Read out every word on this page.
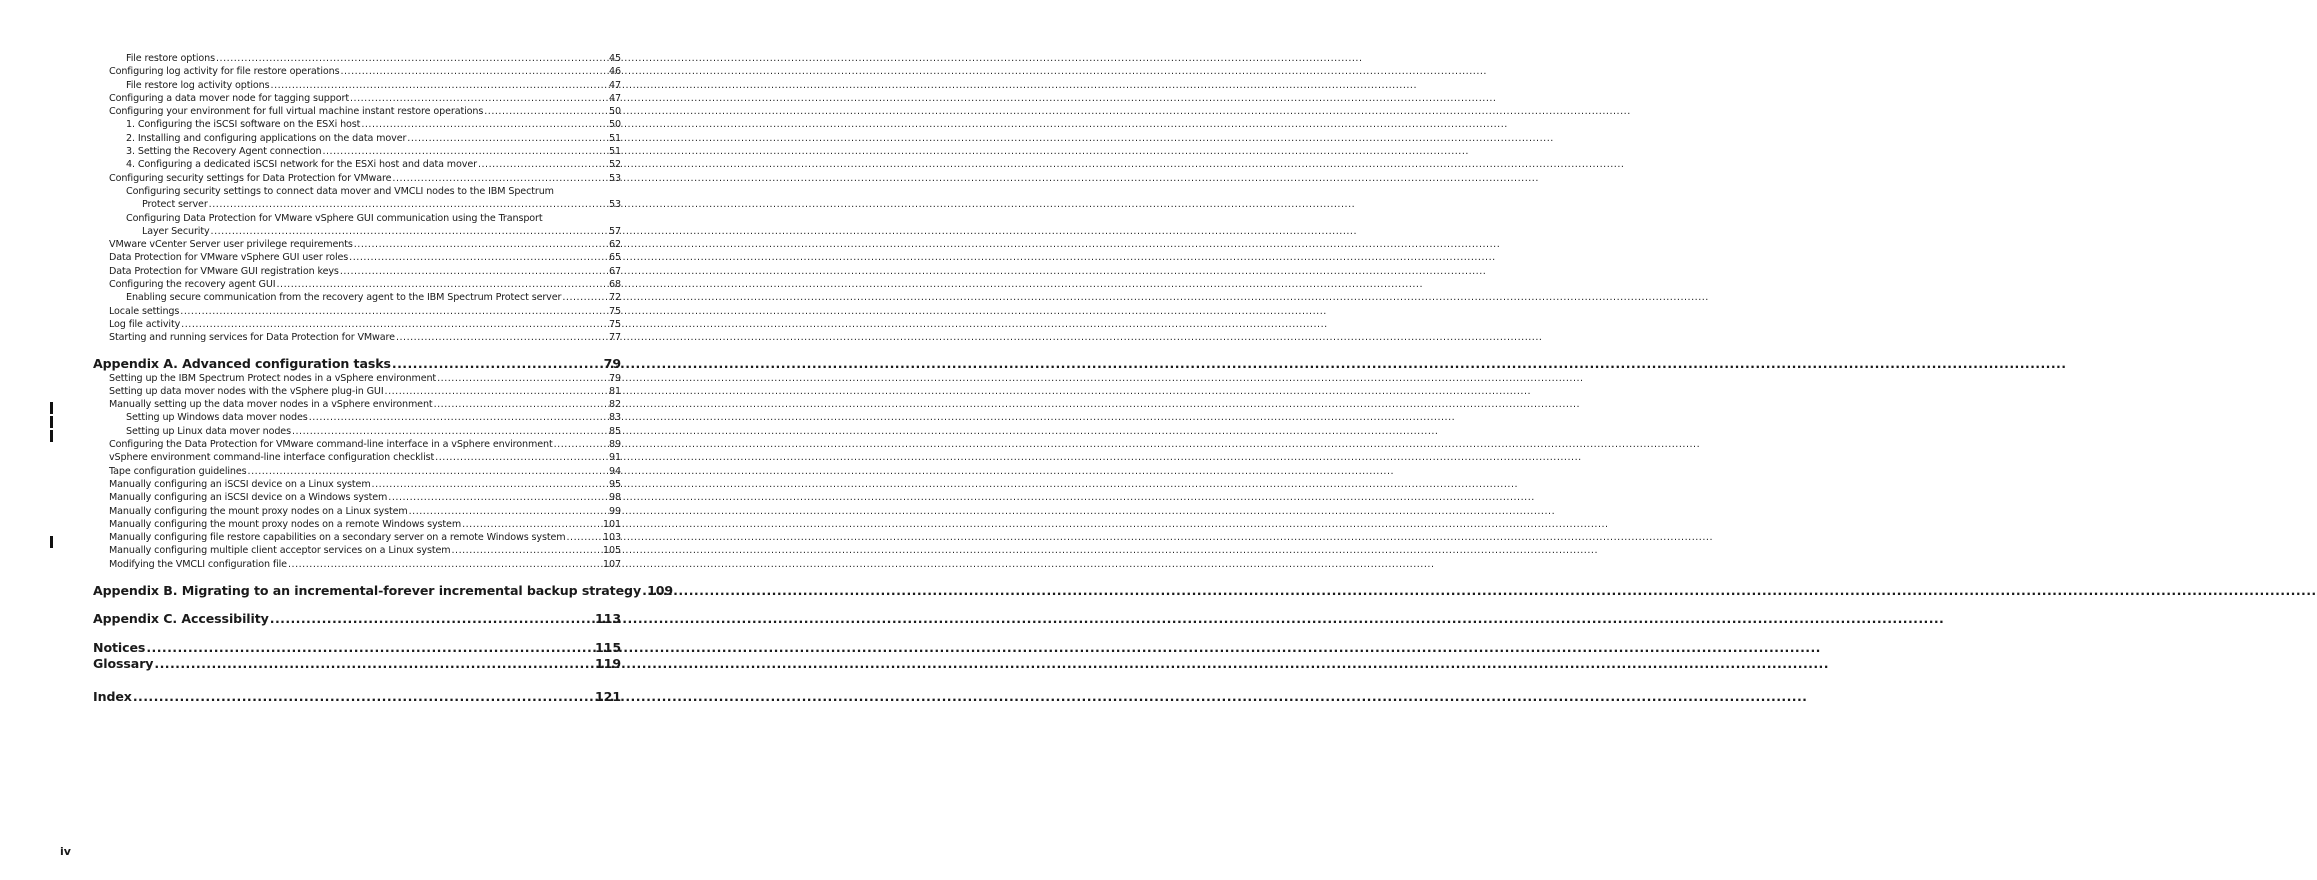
File restore options .....	45
Configuring log activity for file restore operations .....	46
File restore log activity options .....	47
Configuring a data mover node for tagging support .....	47
Configuring your environment for full virtual machine instant restore operations .....	50
1. Configuring the iSCSI software on the ESXi host .....	50
2. Installing and configuring applications on the data mover .....	51
3. Setting the Recovery Agent connection .....	51
4. Configuring a dedicated iSCSI network for the ESXi host and data mover .....	52
Configuring security settings for Data Protection for VMware .....	53
Configuring security settings to connect data mover and VMCLI nodes to the IBM Spectrum
Protect server .....	53
Configuring Data Protection for VMware vSphere GUI communication using the Transport
Layer Security .....	57
VMware vCenter Server user privilege requirements .....	62
Data Protection for VMware vSphere GUI user roles .....	65
Data Protection for VMware GUI registration keys .....	67
Configuring the recovery agent GUI .....	68
Enabling secure communication from the recovery agent to the IBM Spectrum Protect server .....	72
Locale settings .....	75
Log file activity .....	75
Starting and running services for Data Protection for VMware .....	77
Appendix A. Advanced configuration tasks .....	79
Setting up the IBM Spectrum Protect nodes in a vSphere environment .....	79
Setting up data mover nodes with the vSphere plug-in GUI .....	81
Manually setting up the data mover nodes in a vSphere environment .....	82
Setting up Windows data mover nodes .....	83
Setting up Linux data mover nodes .....	85
Configuring the Data Protection for VMware command-line interface in a vSphere environment .....	89
vSphere environment command-line interface configuration checklist .....	91
Tape configuration guidelines .....	94
Manually configuring an iSCSI device on a Linux system .....	95
Manually configuring an iSCSI device on a Windows system .....	98
Manually configuring the mount proxy nodes on a Linux system .....	99
Manually configuring the mount proxy nodes on a remote Windows system .....	101
Manually configuring file restore capabilities on a secondary server on a remote Windows system .....	103
Manually configuring multiple client acceptor services on a Linux system .....	105
Modifying the VMCLI configuration file .....	107
Appendix B. Migrating to an incremental-forever incremental backup strategy ..... 109
Appendix C. Accessibility .....	113
Notices .....	115
Glossary .....	119
Index .....	121
iv
